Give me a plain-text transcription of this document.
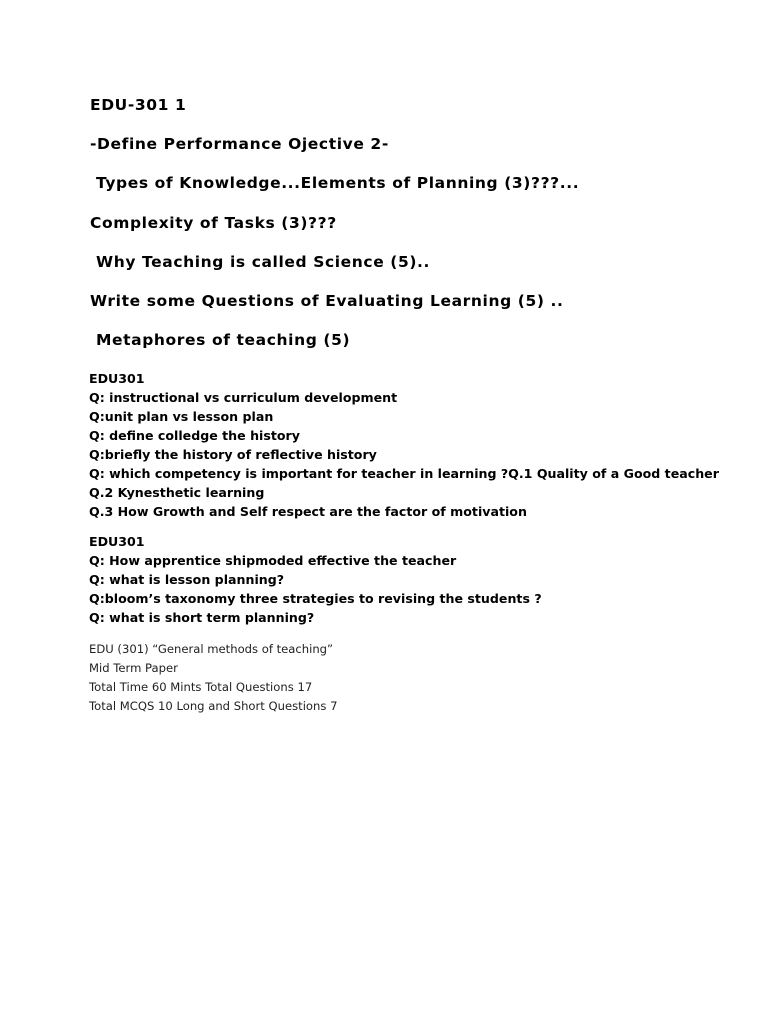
EDU-301 1
-Define Performance Ojective 2-
Types of Knowledge...Elements of Planning (3)???...
Complexity of Tasks (3)???
Why Teaching is called Science (5)..
Write some Questions of Evaluating Learning (5) ..
Metaphores of teaching (5)
EDU301
Q: instructional vs curriculum development
Q:unit plan vs lesson plan
Q: define colledge the history
Q:briefly the history of reflective history
Q: which competency is important for teacher in learning ?Q.1 Quality of a Good teacher
Q.2 Kynesthetic learning
Q.3 How Growth and Self respect are the factor of motivation
EDU301
Q: How apprentice shipmoded effective the teacher
Q: what is lesson planning?
Q:bloom’s taxonomy three strategies to revising the students ?
Q: what is short term planning?
EDU (301) “General methods of teaching”
Mid Term Paper
Total Time 60 Mints Total Questions 17
Total MCQS 10 Long and Short Questions 7
